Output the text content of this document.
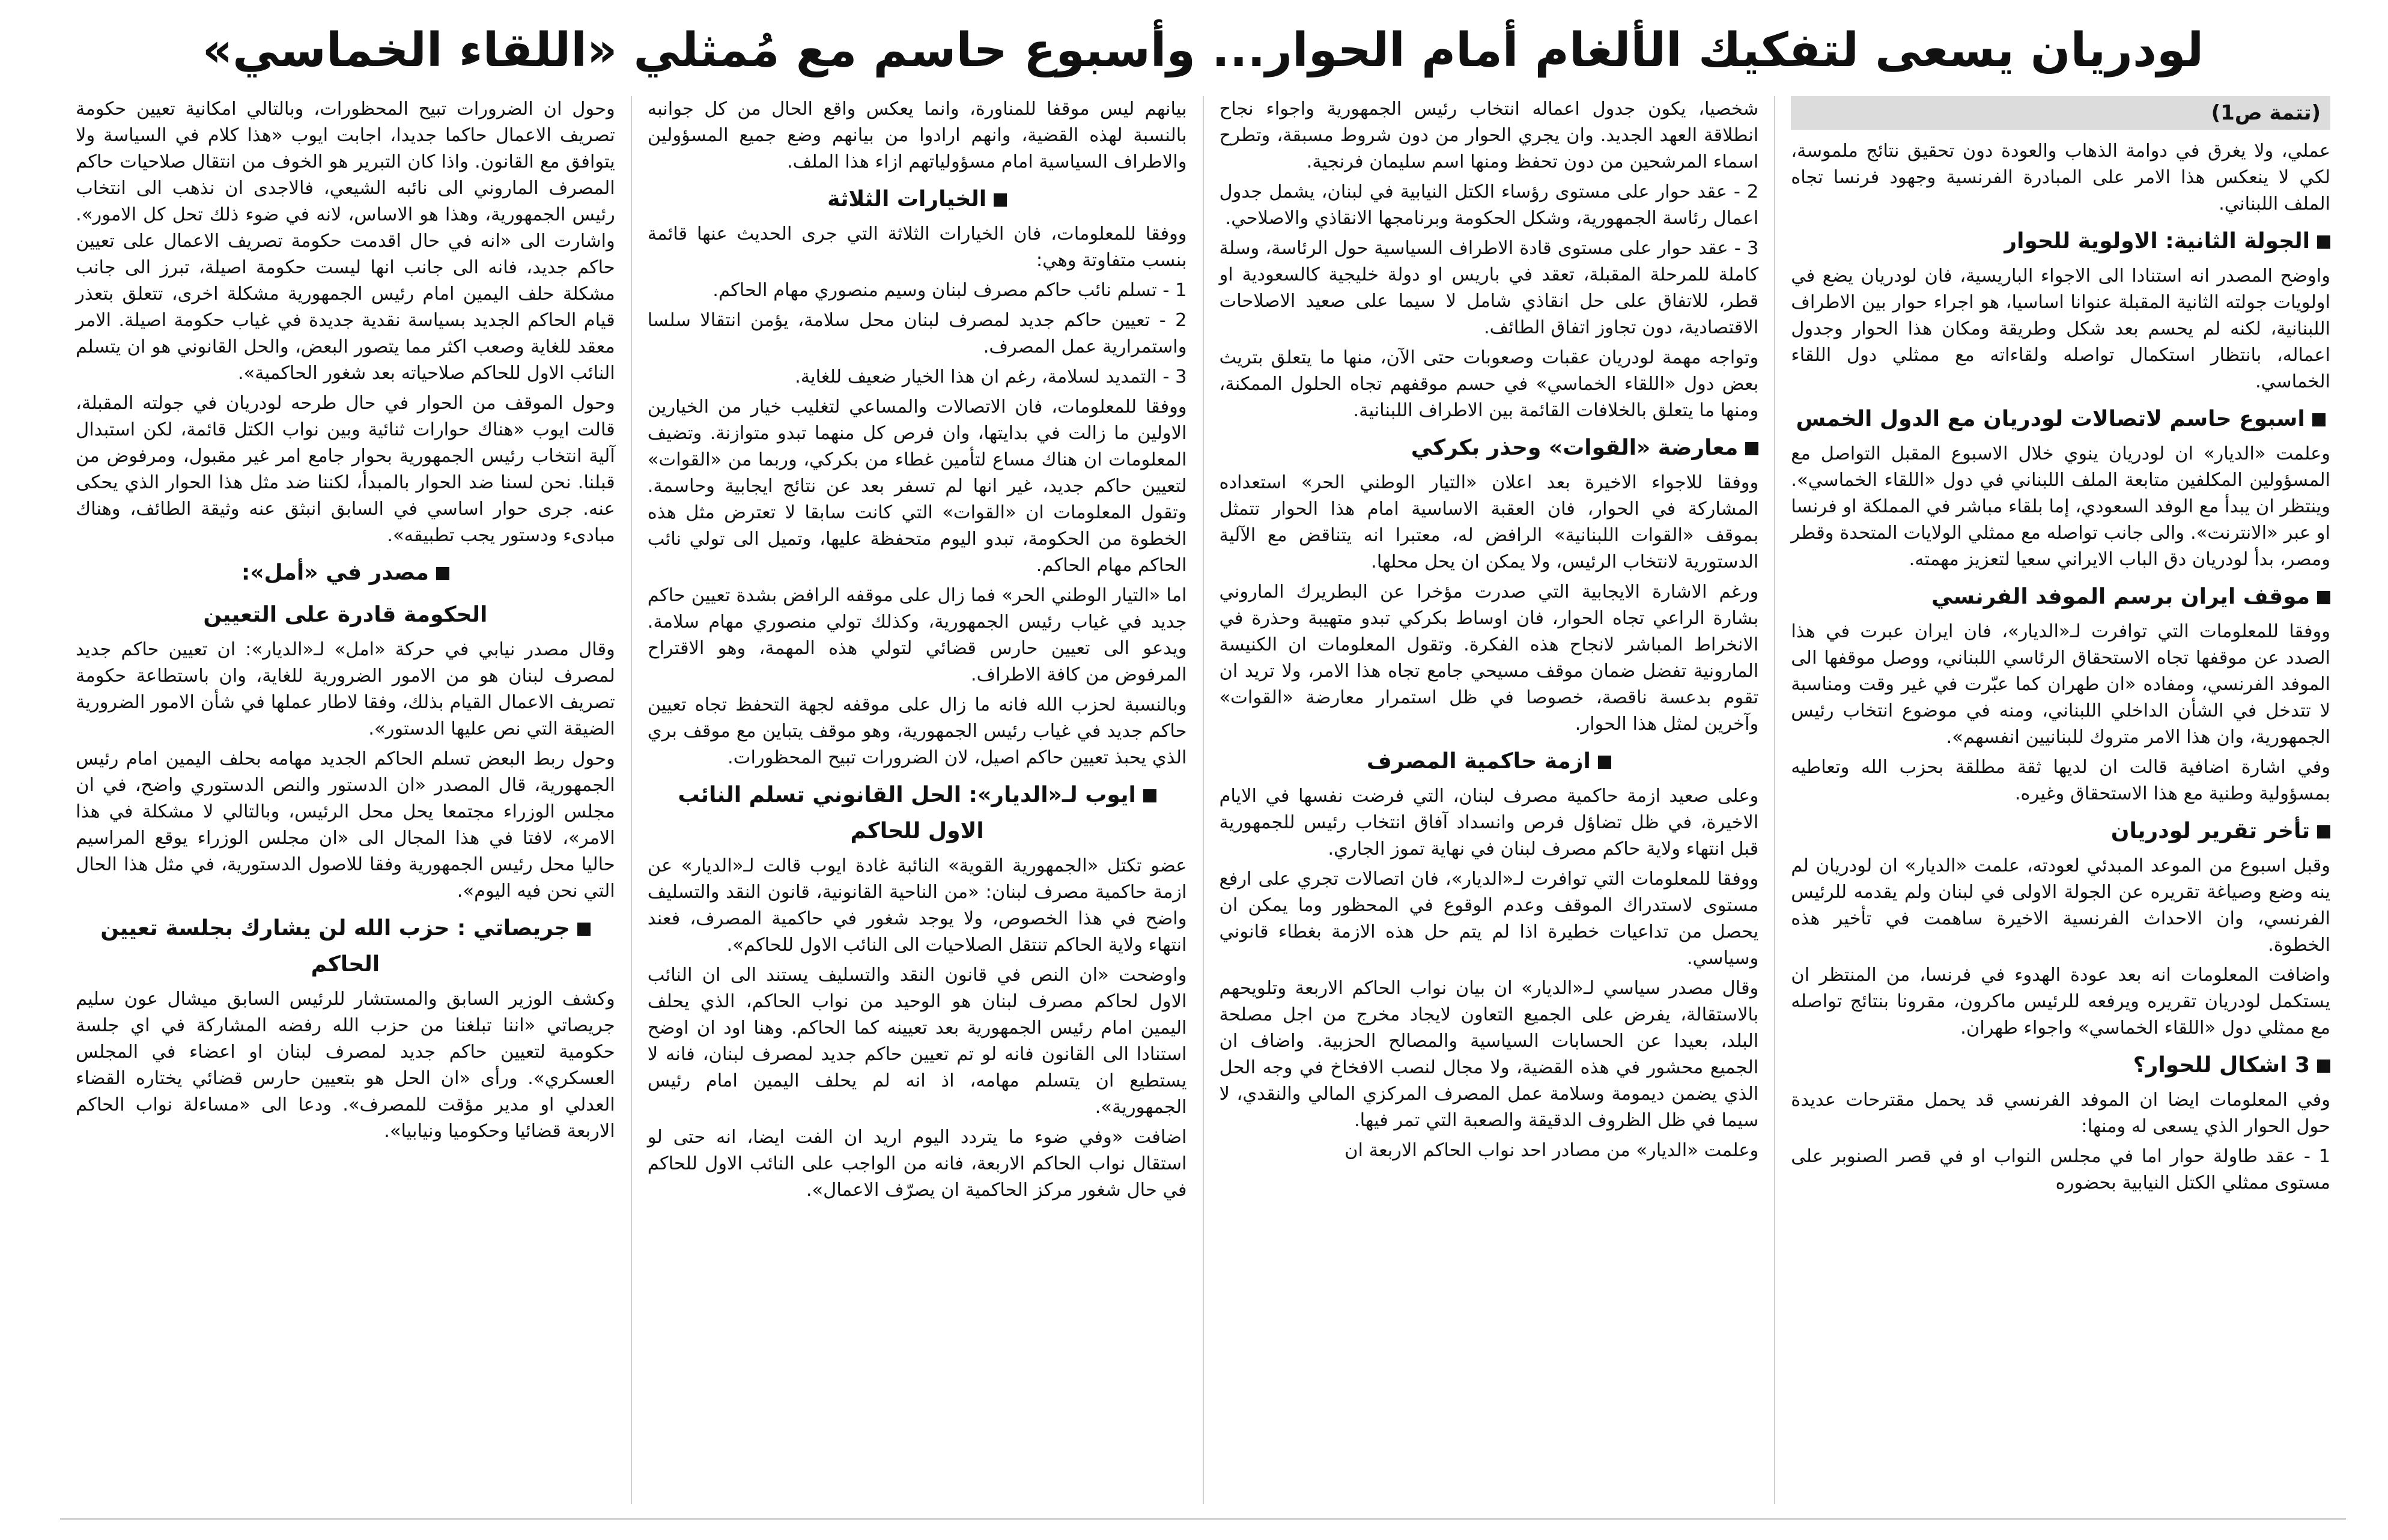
لودريان يسعى لتفكيك الألغام أمام الحوار... وأسبوع حاسم مع مُمثلي «اللقاء الخماسي»
(تتمة ص1)

عملي، ولا يغرق في دوامة الذهاب والعودة دون تحقيق نتائج ملموسة، لكي لا ينعكس هذا الامر على المبادرة الفرنسية وجهود فرنسا تجاه الملف اللبناني.

الجولة الثانية: الاولوية للحوار

واوضح المصدر انه استنادا الى الاجواء الباريسية، فان لودريان يضع في اولويات جولته الثانية المقبلة عنوانا اساسيا، هو اجراء حوار بين الاطراف اللبنانية، لكنه لم يحسم بعد شكل وطريقة ومكان هذا الحوار وجدول اعماله، بانتظار استكمال تواصله ولقاءاته مع ممثلي دول اللقاء الخماسي.

اسبوع حاسم لاتصالات لودريان مع الدول الخمس

وعلمت «الديار» ان لودريان ينوي خلال الاسبوع المقبل التواصل مع المسؤولين المكلفين متابعة الملف اللبناني في دول «اللقاء الخماسي». وينتظر ان يبدأ مع الوفد السعودي، إما بلقاء مباشر في المملكة او فرنسا او عبر «الانترنت». والى جانب تواصله مع ممثلي الولايات المتحدة وقطر ومصر، بدأ لودريان دق الباب الايراني سعيا لتعزيز مهمته.

موقف ايران برسم الموفد الفرنسي

ووفقا للمعلومات التي توافرت لـ«الديار»، فان ايران عبرت في هذا الصدد عن موقفها تجاه الاستحقاق الرئاسي اللبناني، ووصل موقفها الى الموفد الفرنسي، ومفاده «ان طهران كما عبّرت في غير وقت ومناسبة لا تتدخل في الشأن الداخلي اللبناني، ومنه في موضوع انتخاب رئيس الجمهورية، وان هذا الامر متروك للبنانيين انفسهم».

وفي اشارة اضافية قالت ان لديها ثقة مطلقة بحزب الله وتعاطيه بمسؤولية وطنية مع هذا الاستحقاق وغيره.

تأخر تقرير لودريان

وقبل اسبوع من الموعد المبدئي لعودته، علمت «الديار» ان لودريان لم ينه وضع وصياغة تقريره عن الجولة الاولى في لبنان ولم يقدمه للرئيس الفرنسي، وان الاحداث الفرنسية الاخيرة ساهمت في تأخير هذه الخطوة.

واضافت المعلومات انه بعد عودة الهدوء في فرنسا، من المنتظر ان يستكمل لودريان تقريره ويرفعه للرئيس ماكرون، مقرونا بنتائج تواصله مع ممثلي دول «اللقاء الخماسي» واجواء طهران.

3 اشكال للحوار؟

وفي المعلومات ايضا ان الموفد الفرنسي قد يحمل مقترحات عديدة حول الحوار الذي يسعى له ومنها:

1 - عقد طاولة حوار اما في مجلس النواب او في قصر الصنوبر على مستوى ممثلي الكتل النيابية بحضوره

شخصيا، يكون جدول اعماله انتخاب رئيس الجمهورية واجواء نجاح انطلاقة العهد الجديد. وان يجري الحوار من دون شروط مسبقة، وتطرح اسماء المرشحين من دون تحفظ ومنها اسم سليمان فرنجية.

2 - عقد حوار على مستوى رؤساء الكتل النيابية في لبنان، يشمل جدول اعمال رئاسة الجمهورية، وشكل الحكومة وبرنامجها الانقاذي والاصلاحي.

3 - عقد حوار على مستوى قادة الاطراف السياسية حول الرئاسة، وسلة كاملة للمرحلة المقبلة، تعقد في باريس او دولة خليجية كالسعودية او قطر، للاتفاق على حل انقاذي شامل لا سيما على صعيد الاصلاحات الاقتصادية، دون تجاوز اتفاق الطائف.

وتواجه مهمة لودريان عقبات وصعوبات حتى الآن، منها ما يتعلق بتريث بعض دول «اللقاء الخماسي» في حسم موقفهم تجاه الحلول الممكنة، ومنها ما يتعلق بالخلافات القائمة بين الاطراف اللبنانية.

معارضة «القوات» وحذر بكركي

ووفقا للاجواء الاخيرة بعد اعلان «التيار الوطني الحر» استعداده المشاركة في الحوار، فان العقبة الاساسية امام هذا الحوار تتمثل بموقف «القوات اللبنانية» الرافض له، معتبرا انه يتناقض مع الآلية الدستورية لانتخاب الرئيس، ولا يمكن ان يحل محلها.

ورغم الاشارة الايجابية التي صدرت مؤخرا عن البطريرك الماروني بشارة الراعي تجاه الحوار، فان اوساط بكركي تبدو متهيبة وحذرة في الانخراط المباشر لانجاح هذه الفكرة. وتقول المعلومات ان الكنيسة المارونية تفضل ضمان موقف مسيحي جامع تجاه هذا الامر، ولا تريد ان تقوم بدعسة ناقصة، خصوصا في ظل استمرار معارضة «القوات» وآخرين لمثل هذا الحوار.

ازمة حاكمية المصرف

وعلى صعيد ازمة حاكمية مصرف لبنان، التي فرضت نفسها في الايام الاخيرة، في ظل تضاؤل فرص وانسداد آفاق انتخاب رئيس للجمهورية قبل انتهاء ولاية حاكم مصرف لبنان في نهاية تموز الجاري.

ووفقا للمعلومات التي توافرت لـ«الديار»، فان اتصالات تجري على ارفع مستوى لاستدراك الموقف وعدم الوقوع في المحظور وما يمكن ان يحصل من تداعيات خطيرة اذا لم يتم حل هذه الازمة بغطاء قانوني وسياسي.

وقال مصدر سياسي لـ«الديار» ان بيان نواب الحاكم الاربعة وتلويحهم بالاستقالة، يفرض على الجميع التعاون لايجاد مخرج من اجل مصلحة البلد، بعيدا عن الحسابات السياسية والمصالح الحزبية. واضاف ان الجميع محشور في هذه القضية، ولا مجال لنصب الافخاخ في وجه الحل الذي يضمن ديمومة وسلامة عمل المصرف المركزي المالي والنقدي، لا سيما في ظل الظروف الدقيقة والصعبة التي تمر فيها.

وعلمت «الديار» من مصادر احد نواب الحاكم الاربعة ان

بيانهم ليس موقفا للمناورة، وانما يعكس واقع الحال من كل جوانبه بالنسبة لهذه القضية، وانهم ارادوا من بيانهم وضع جميع المسؤولين والاطراف السياسية امام مسؤولياتهم ازاء هذا الملف.

الخيارات الثلاثة

ووفقا للمعلومات، فان الخيارات الثلاثة التي جرى الحديث عنها قائمة بنسب متفاوتة وهي:

1 - تسلم نائب حاكم مصرف لبنان وسيم منصوري مهام الحاكم.

2 - تعيين حاكم جديد لمصرف لبنان محل سلامة، يؤمن انتقالا سلسا واستمرارية عمل المصرف.

3 - التمديد لسلامة، رغم ان هذا الخيار ضعيف للغاية.

ووفقا للمعلومات، فان الاتصالات والمساعي لتغليب خيار من الخيارين الاولين ما زالت في بدايتها، وان فرص كل منهما تبدو متوازنة. وتضيف المعلومات ان هناك مساع لتأمين غطاء من بكركي، وربما من «القوات» لتعيين حاكم جديد، غير انها لم تسفر بعد عن نتائج ايجابية وحاسمة. وتقول المعلومات ان «القوات» التي كانت سابقا لا تعترض مثل هذه الخطوة من الحكومة، تبدو اليوم متحفظة عليها، وتميل الى تولي نائب الحاكم مهام الحاكم.

اما «التيار الوطني الحر» فما زال على موقفه الرافض بشدة تعيين حاكم جديد في غياب رئيس الجمهورية، وكذلك تولي منصوري مهام سلامة. ويدعو الى تعيين حارس قضائي لتولي هذه المهمة، وهو الاقتراح المرفوض من كافة الاطراف.

وبالنسبة لحزب الله فانه ما زال على موقفه لجهة التحفظ تجاه تعيين حاكم جديد في غياب رئيس الجمهورية، وهو موقف يتباين مع موقف بري الذي يحبذ تعيين حاكم اصيل، لان الضرورات تبيح المحظورات.

ايوب لـ«الديار»: الحل القانوني تسلم النائب الاول للحاكم

عضو تكتل «الجمهورية القوية» النائبة غادة ايوب قالت لـ«الديار» عن ازمة حاكمية مصرف لبنان: «من الناحية القانونية، قانون النقد والتسليف واضح في هذا الخصوص، ولا يوجد شغور في حاكمية المصرف، فعند انتهاء ولاية الحاكم تنتقل الصلاحيات الى النائب الاول للحاكم».

واوضحت «ان النص في قانون النقد والتسليف يستند الى ان النائب الاول لحاكم مصرف لبنان هو الوحيد من نواب الحاكم، الذي يحلف اليمين امام رئيس الجمهورية بعد تعيينه كما الحاكم. وهنا اود ان اوضح استنادا الى القانون فانه لو تم تعيين حاكم جديد لمصرف لبنان، فانه لا يستطيع ان يتسلم مهامه، اذ انه لم يحلف اليمين امام رئيس الجمهورية».

اضافت «وفي ضوء ما يتردد اليوم اريد ان الفت ايضا، انه حتى لو استقال نواب الحاكم الاربعة، فانه من الواجب على النائب الاول للحاكم في حال شغور مركز الحاكمية ان يصرّف الاعمال».

وحول ان الضرورات تبيح المحظورات، وبالتالي امكانية تعيين حكومة تصريف الاعمال حاكما جديدا، اجابت ايوب «هذا كلام في السياسة ولا يتوافق مع القانون. واذا كان التبرير هو الخوف من انتقال صلاحيات حاكم المصرف الماروني الى نائبه الشيعي، فالاجدى ان نذهب الى انتخاب رئيس الجمهورية، وهذا هو الاساس، لانه في ضوء ذلك تحل كل الامور». واشارت الى «انه في حال اقدمت حكومة تصريف الاعمال على تعيين حاكم جديد، فانه الى جانب انها ليست حكومة اصيلة، تبرز الى جانب مشكلة حلف اليمين امام رئيس الجمهورية مشكلة اخرى، تتعلق بتعذر قيام الحاكم الجديد بسياسة نقدية جديدة في غياب حكومة اصيلة. الامر معقد للغاية وصعب اكثر مما يتصور البعض، والحل القانوني هو ان يتسلم النائب الاول للحاكم صلاحياته بعد شغور الحاكمية».

وحول الموقف من الحوار في حال طرحه لودريان في جولته المقبلة، قالت ايوب «هناك حوارات ثنائية وبين نواب الكتل قائمة، لكن استبدال آلية انتخاب رئيس الجمهورية بحوار جامع امر غير مقبول، ومرفوض من قبلنا. نحن لسنا ضد الحوار بالمبدأ، لكننا ضد مثل هذا الحوار الذي يحكى عنه. جرى حوار اساسي في السابق انبثق عنه وثيقة الطائف، وهناك مبادىء ودستور يجب تطبيقه».

مصدر في «أمل»:
الحكومة قادرة على التعيين

وقال مصدر نيابي في حركة «امل» لـ«الديار»: ان تعيين حاكم جديد لمصرف لبنان هو من الامور الضرورية للغاية، وان باستطاعة حكومة تصريف الاعمال القيام بذلك، وفقا لاطار عملها في شأن الامور الضرورية الضيقة التي نص عليها الدستور».

وحول ربط البعض تسلم الحاكم الجديد مهامه بحلف اليمين امام رئيس الجمهورية، قال المصدر «ان الدستور والنص الدستوري واضح، في ان مجلس الوزراء مجتمعا يحل محل الرئيس، وبالتالي لا مشكلة في هذا الامر»، لافتا في هذا المجال الى «ان مجلس الوزراء يوقع المراسيم حاليا محل رئيس الجمهورية وفقا للاصول الدستورية، في مثل هذا الحال التي نحن فيه اليوم».

جريصاتي : حزب الله لن يشارك بجلسة تعيين الحاكم

وكشف الوزير السابق والمستشار للرئيس السابق ميشال عون سليم جريصاتي «اننا تبلغنا من حزب الله رفضه المشاركة في اي جلسة حكومية لتعيين حاكم جديد لمصرف لبنان او اعضاء في المجلس العسكري». ورأى «ان الحل هو بتعيين حارس قضائي يختاره القضاء العدلي او مدير مؤقت للمصرف». ودعا الى «مساءلة نواب الحاكم الاربعة قضائيا وحكوميا ونيابيا».
